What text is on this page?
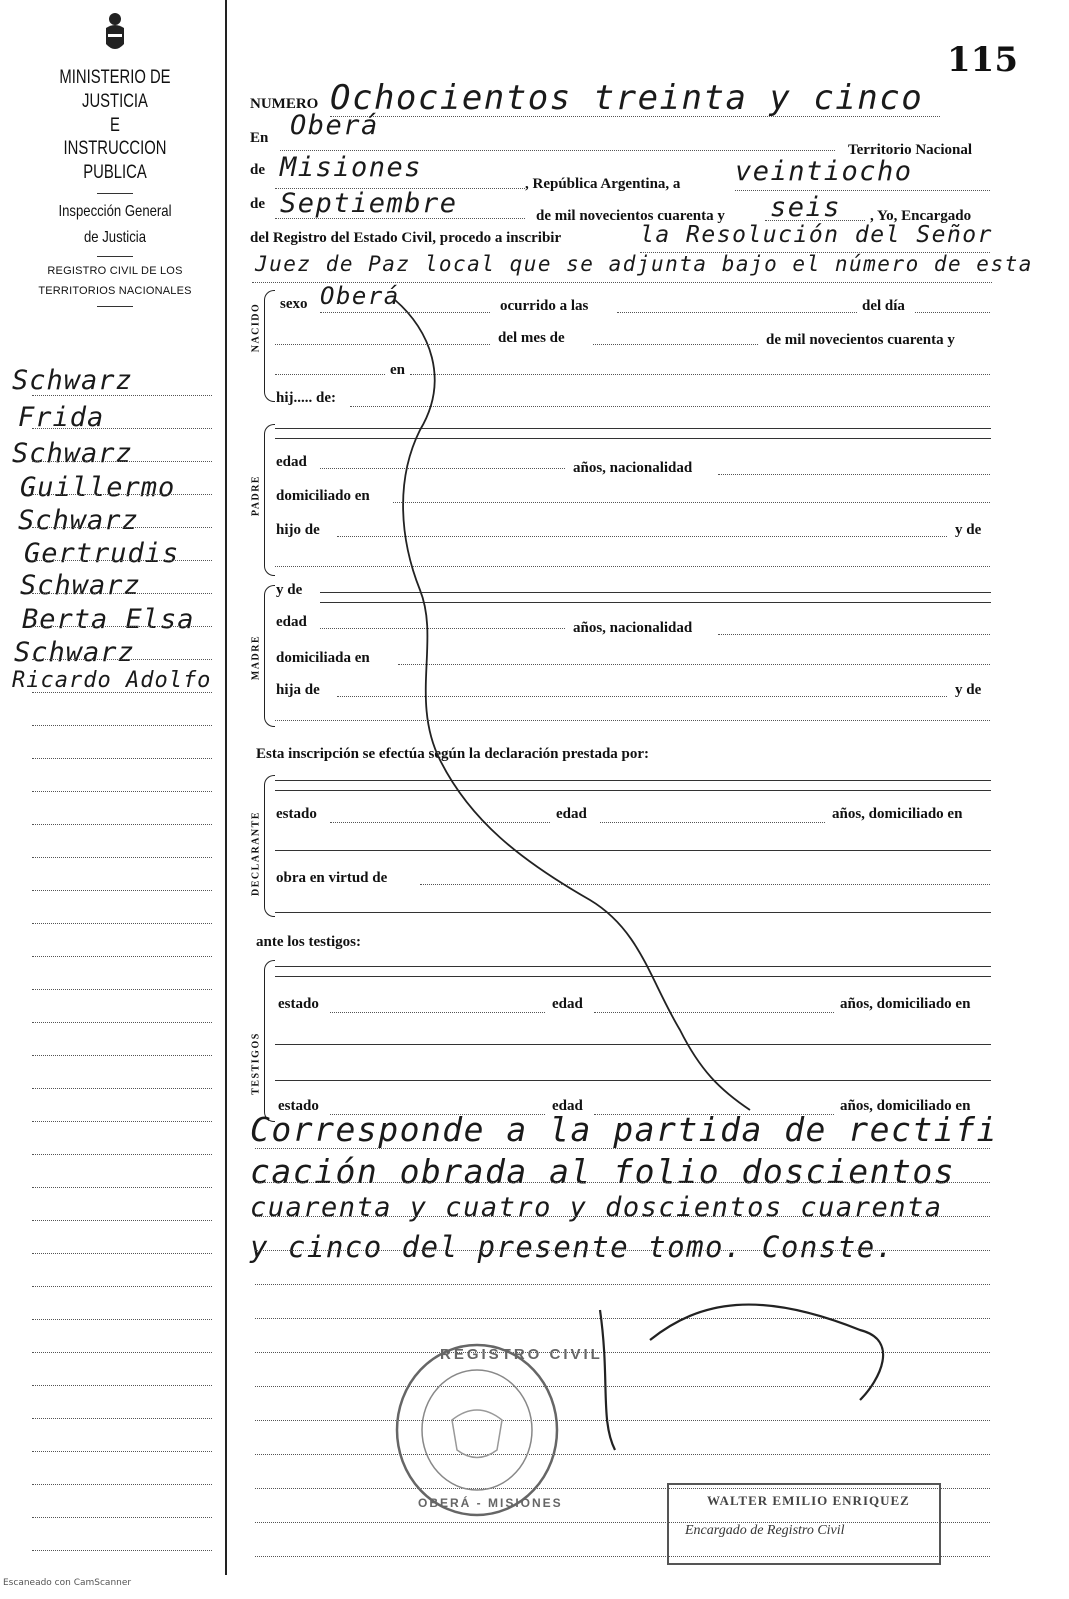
MINISTERIO DE JUSTICIA
E
INSTRUCCION PUBLICA
Inspección General
de Justicia
REGISTRO CIVIL DE LOS
TERRITORIOS NACIONALES
Schwarz
Frida
Schwarz
Guillermo
Schwarz
Gertrudis
Schwarz
Berta Elsa
Schwarz
Ricardo Adolfo
115
NUMERO Ochocientos treinta y cinco
En Oberá
Territorio Nacional
de Misiones
, República Argentina, a veintiocho
de Septiembre	de mil novecientos cuarenta y seis , Yo, Encargado
del Registro del Estado Civil, procedo a inscribir	la Resolución del Señor
Juez de Paz local que se adjunta bajo el número de esta
NACIDO sexo Oberá	ocurrido a las	del día
del mes de	de mil novecientos cuarenta y
en
hij..... de:
PADRE
edad	años, nacionalidad
domiciliado en
hijo de	y de
MADRE
y de
edad	años, nacionalidad
domiciliada en
hija de	y de
Esta inscripción se efectúa según la declaración prestada por:
DECLARANTE estado	edad	años, domiciliado en
obra en virtud de
ante los testigos:
TESTIGOS
estado	edad	años, domiciliado en
estado	edad	años, domiciliado en
Corresponde a la partida de rectifi
cación obrada al folio doscientos
cuarenta y cuatro y doscientos cuarenta
y cinco del presente tomo. Conste.
REGISTRO CIVIL
OBERÁ - MISIONES	WALTER EMILIO ENRIQUEZ
Encargado de Registro Civil
Escaneado con CamScanner
